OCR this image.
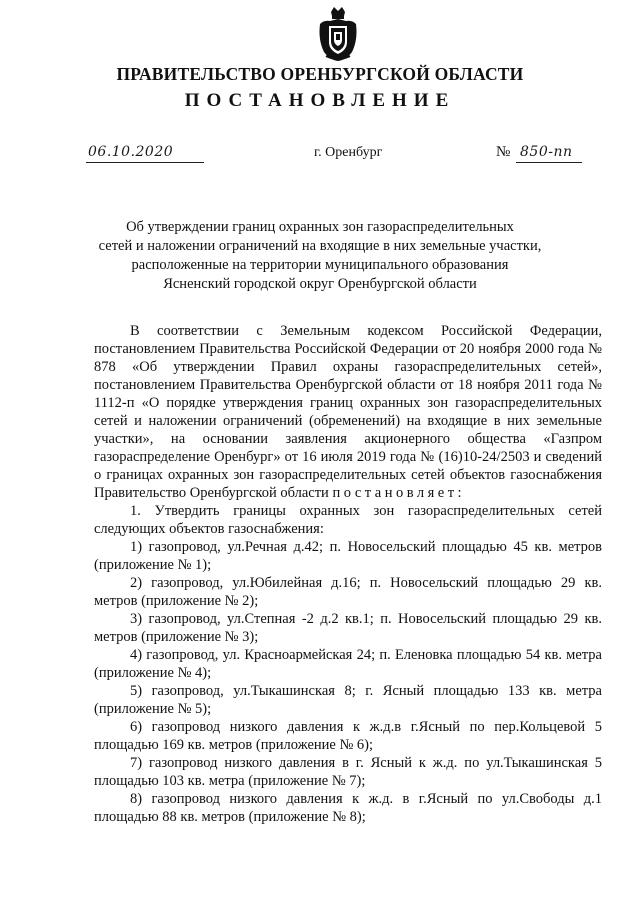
ПРАВИТЕЛЬСТВО ОРЕНБУРГСКОЙ ОБЛАСТИ
ПОСТАНОВЛЕНИЕ
06.10.2020	г. Оренбург	№ 850-пп
Об утверждении границ охранных зон газораспределительных
сетей и наложении ограничений на входящие в них земельные участки,
расположенные на территории муниципального образования
Ясненский городской округ Оренбургской области

В соответствии с Земельным кодексом Российской Федерации, постановлением Правительства Российской Федерации от 20 ноября 2000 года № 878 «Об утверждении Правил охраны газораспределительных сетей», постановлением Правительства Оренбургской области от 18 ноября 2011 года № 1112-п «О порядке утверждения границ охранных зон газораспределительных сетей и наложении ограничений (обременений) на входящие в них земельные участки», на основании заявления акционерного общества «Газпром газораспределение Оренбург» от 16 июля 2019 года № (16)10-24/2503 и сведений о границах охранных зон газораспределительных сетей объектов газоснабжения Правительство Оренбургской области постановляет:

1. Утвердить границы охранных зон газораспределительных сетей следующих объектов газоснабжения:

1) газопровод, ул.Речная д.42; п. Новосельский площадью 45 кв. метров (приложение № 1);

2) газопровод, ул.Юбилейная д.16; п. Новосельский площадью 29 кв. метров (приложение № 2);

3) газопровод, ул.Степная -2 д.2 кв.1; п. Новосельский площадью 29 кв. метров (приложение № 3);

4) газопровод, ул. Красноармейская 24; п. Еленовка площадью 54 кв. метра (приложение № 4);

5) газопровод, ул.Тыкашинская 8; г. Ясный площадью 133 кв. метра (приложение № 5);

6) газопровод низкого давления к ж.д.в г.Ясный по пер.Кольцевой 5 площадью 169 кв. метров (приложение № 6);

7) газопровод низкого давления в г. Ясный к ж.д. по ул.Тыкашинская 5 площадью 103 кв. метра (приложение № 7);

8) газопровод низкого давления к ж.д. в г.Ясный по ул.Свободы д.1 площадью 88 кв. метров (приложение № 8);
